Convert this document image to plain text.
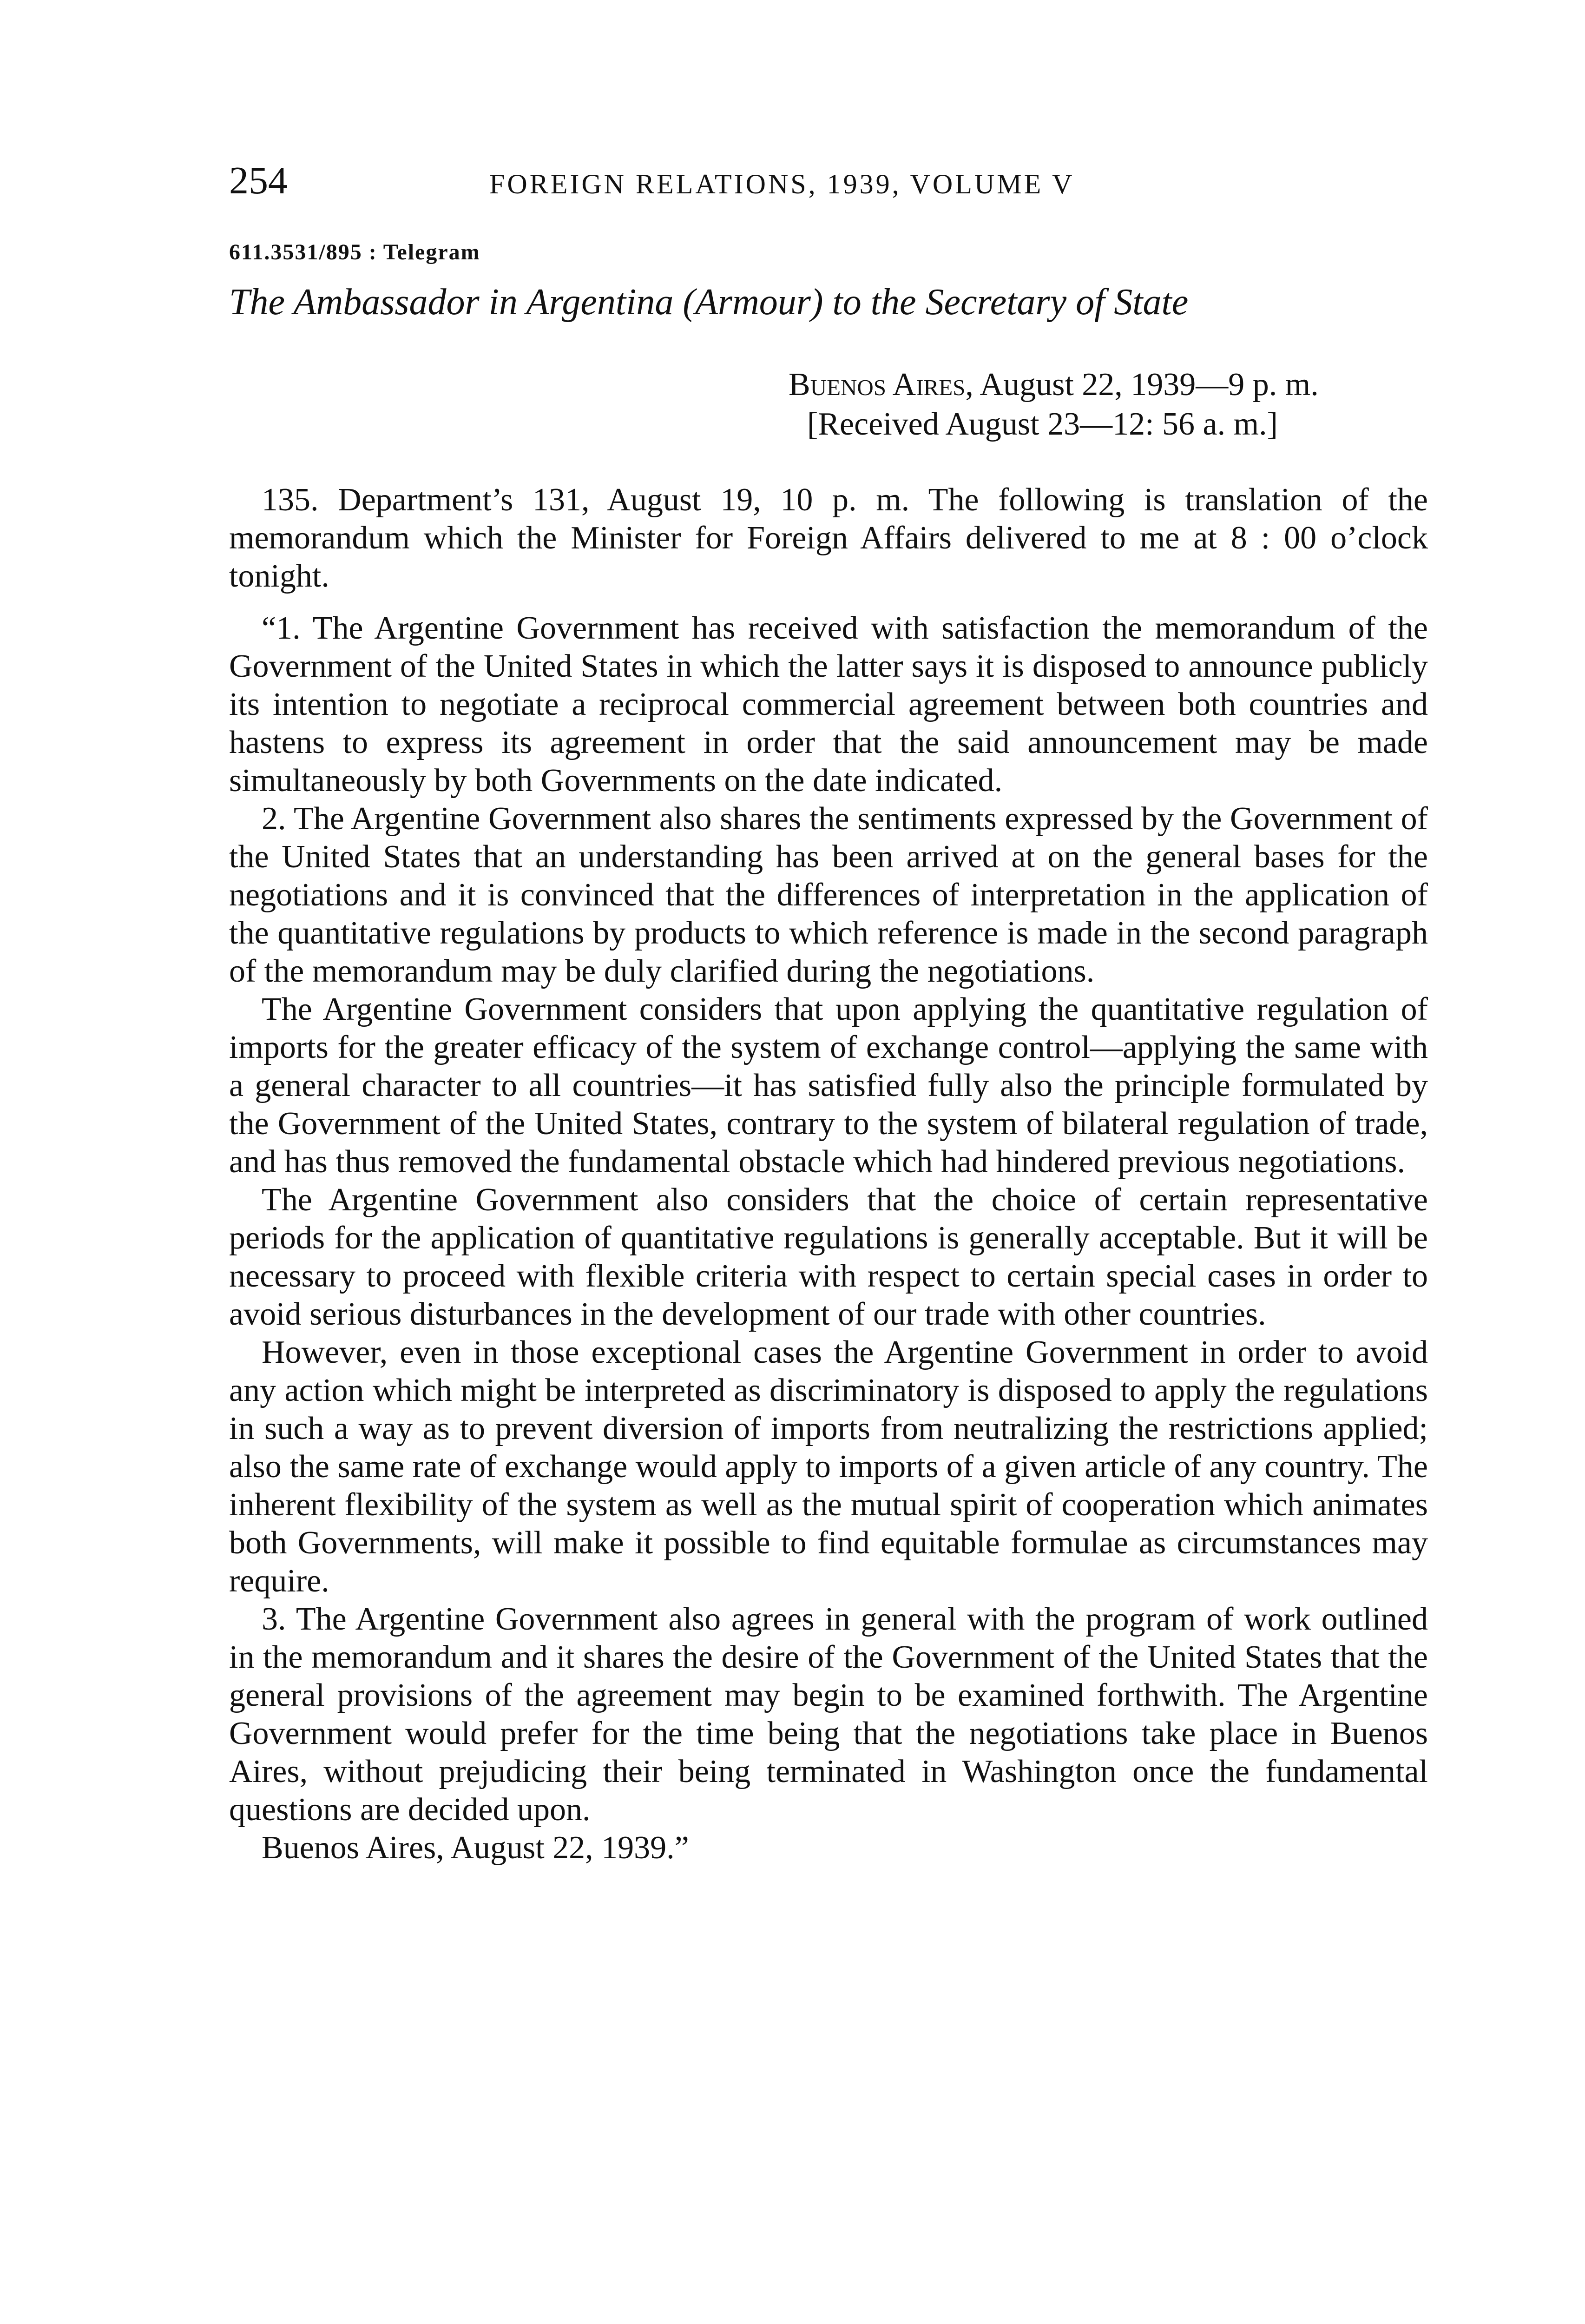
254	FOREIGN RELATIONS, 1939, VOLUME V
611.3531/895 : Telegram
The Ambassador in Argentina (Armour) to the Secretary of State
Buenos Aires, August 22, 1939—9 p. m.
[Received August 23—12: 56 a. m.]

135. Department’s 131, August 19, 10 p. m. The following is translation of the memorandum which the Minister for Foreign Affairs delivered to me at 8 : 00 o’clock tonight.

“1. The Argentine Government has received with satisfaction the memorandum of the Government of the United States in which the latter says it is disposed to announce publicly its intention to negotiate a reciprocal commercial agreement between both countries and hastens to express its agreement in order that the said announcement may be made simultaneously by both Governments on the date indicated.

2. The Argentine Government also shares the sentiments expressed by the Government of the United States that an understanding has been arrived at on the general bases for the negotiations and it is convinced that the differences of interpretation in the application of the quantitative regulations by products to which reference is made in the second paragraph of the memorandum may be duly clarified during the negotiations.

The Argentine Government considers that upon applying the quantitative regulation of imports for the greater efficacy of the system of exchange control—applying the same with a general character to all countries—it has satisfied fully also the principle formulated by the Government of the United States, contrary to the system of bilateral regulation of trade, and has thus removed the fundamental obstacle which had hindered previous negotiations.

The Argentine Government also considers that the choice of certain representative periods for the application of quantitative regulations is generally acceptable. But it will be necessary to proceed with flexible criteria with respect to certain special cases in order to avoid serious disturbances in the development of our trade with other countries.

However, even in those exceptional cases the Argentine Government in order to avoid any action which might be interpreted as discriminatory is disposed to apply the regulations in such a way as to prevent diversion of imports from neutralizing the restrictions applied; also the same rate of exchange would apply to imports of a given article of any country. The inherent flexibility of the system as well as the mutual spirit of cooperation which animates both Governments, will make it possible to find equitable formulae as circumstances may require.

3. The Argentine Government also agrees in general with the program of work outlined in the memorandum and it shares the desire of the Government of the United States that the general provisions of the agreement may begin to be examined forthwith. The Argentine Government would prefer for the time being that the negotiations take place in Buenos Aires, without prejudicing their being terminated in Washington once the fundamental questions are decided upon.

Buenos Aires, August 22, 1939.”
